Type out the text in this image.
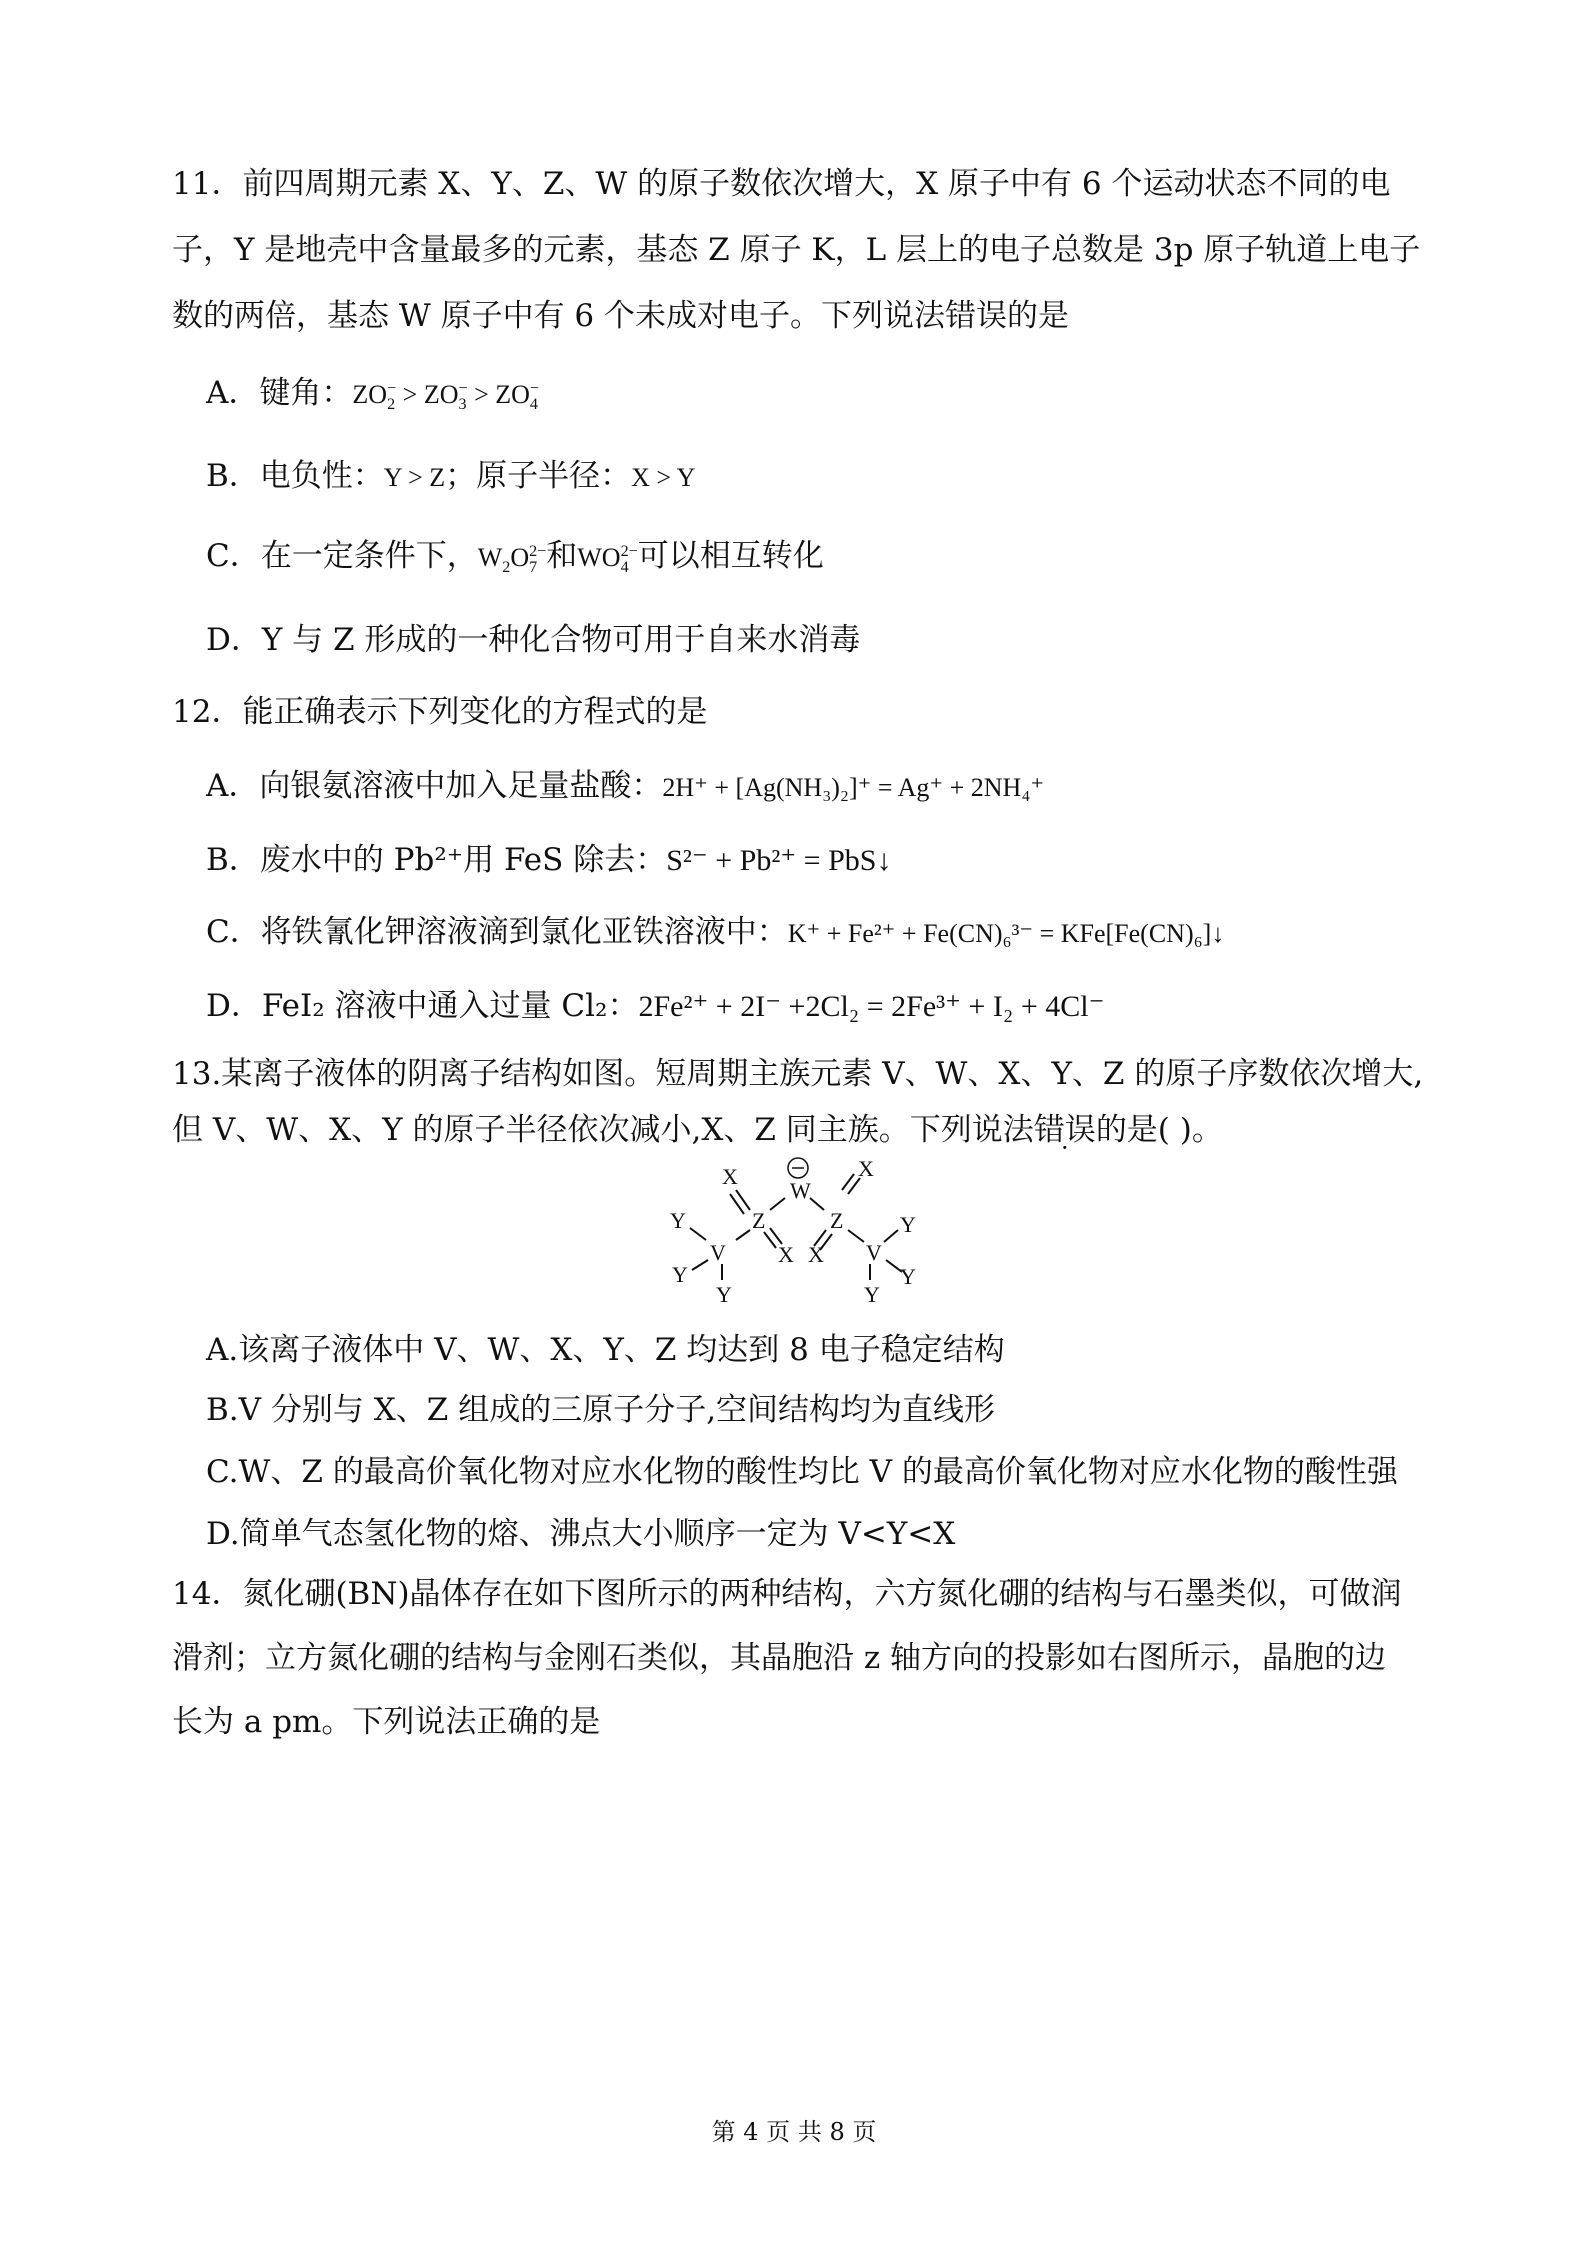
11．前四周期元素 X、Y、Z、W 的原子数依次增大，X 原子中有 6 个运动状态不同的电
子，Y 是地壳中含量最多的元素，基态 Z 原子 K，L 层上的电子总数是 3p 原子轨道上电子
数的两倍，基态 W 原子中有 6 个未成对电子。下列说法错误的是
A．键角：ZO −
2 > ZO −
3 > ZO −
4
B．电负性：Y > Z；原子半径：X > Y
C．在一定条件下，$W_2O$ 2−
7 和WO 2−
4 可以相互转化
D．Y 与 Z 形成的一种化合物可用于自来水消毒
12．能正确表示下列变化的方程式的是
A．向银氨溶液中加入足量盐酸：2H⁺ + [Ag(NH₃)₂]⁺ = Ag⁺ + 2NH₄⁺
B．废水中的 Pb²⁺用 FeS 除去：S²⁻ + Pb²⁺ = PbS↓
C．将铁氰化钾溶液滴到氯化亚铁溶液中：K⁺ + Fe²⁺ + Fe(CN)₆³⁻ = KFe[Fe(CN)₆]↓
D．FeI₂ 溶液中通入过量 Cl₂：2Fe²⁺ + 2I⁻ +2Cl₂ = 2Fe³⁺ + I₂ + 4Cl⁻
13.某离子液体的阴离子结构如图。短周期主族元素 V、W、X、Y、Z 的原子序数依次增大,
但 V、W、X、Y 的原子半径依次减小,X、Z 同主族。下列说法错误的是( )。
W
X	X
Z	Z
X X
Y
V	V
Y
Y	Y
Y	Y
A.该离子液体中 V、W、X、Y、Z 均达到 8 电子稳定结构
B.V 分别与 X、Z 组成的三原子分子,空间结构均为直线形
C.W、Z 的最高价氧化物对应水化物的酸性均比 V 的最高价氧化物对应水化物的酸性强
D.简单气态氢化物的熔、沸点大小顺序一定为 V<Y<X
14．氮化硼(BN)晶体存在如下图所示的两种结构，六方氮化硼的结构与石墨类似，可做润
滑剂；立方氮化硼的结构与金刚石类似，其晶胞沿 z 轴方向的投影如右图所示，晶胞的边
长为 a pm。下列说法正确的是
第 4 页 共 8 页
